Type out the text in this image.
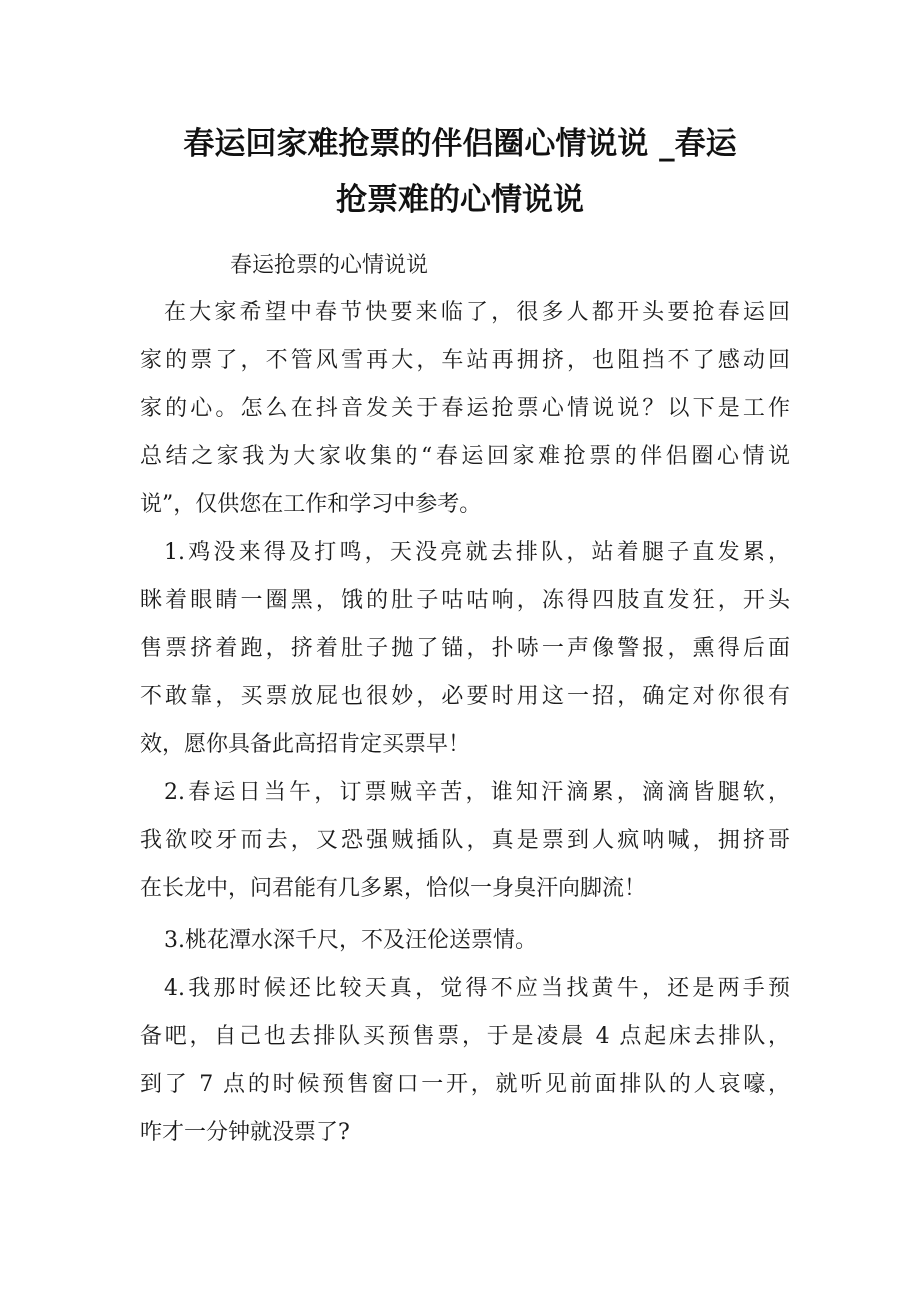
春运回家难抢票的伴侣圈心情说说 _春运
抢票难的心情说说
春运抢票的心情说说
在大家希望中春节快要来临了，很多人都开头要抢春运回
家的票了，不管风雪再大，车站再拥挤，也阻挡不了感动回
家的心。怎么在抖音发关于春运抢票心情说说？以下是工作
总结之家我为大家收集的“春运回家难抢票的伴侣圈心情说
说”，仅供您在工作和学习中参考。
1.鸡没来得及打鸣，天没亮就去排队，站着腿子直发累，
眯着眼睛一圈黑，饿的肚子咕咕响，冻得四肢直发狂，开头
售票挤着跑，挤着肚子抛了锚，扑哧一声像警报，熏得后面
不敢靠，买票放屁也很妙，必要时用这一招，确定对你很有
效，愿你具备此高招肯定买票早！
2.春运日当午，订票贼辛苦，谁知汗滴累，滴滴皆腿软，
我欲咬牙而去，又恐强贼插队，真是票到人疯呐喊，拥挤哥
在长龙中，问君能有几多累，恰似一身臭汗向脚流！
3.桃花潭水深千尺，不及汪伦送票情。
4.我那时候还比较天真，觉得不应当找黄牛，还是两手预
备吧，自己也去排队买预售票，于是凌晨 4 点起床去排队，
到了 7 点的时候预售窗口一开，就听见前面排队的人哀嚎，
咋才一分钟就没票了?
